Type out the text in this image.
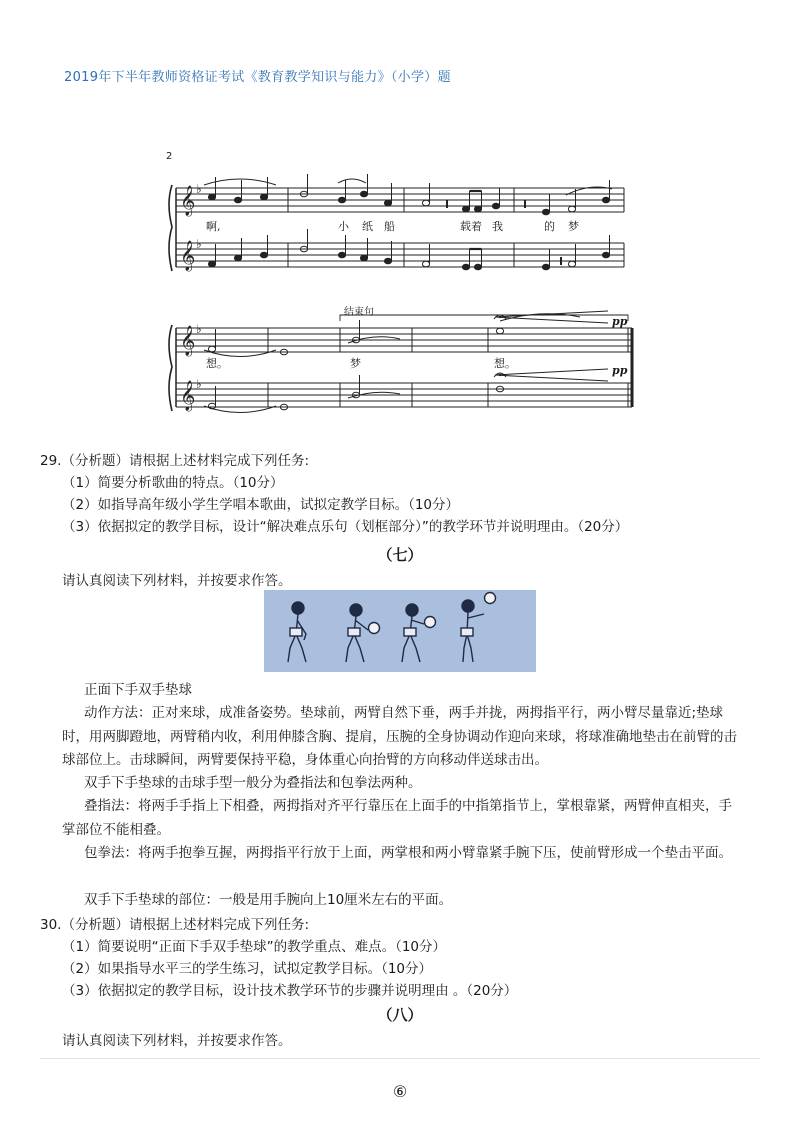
2019年下半年教师资格证考试《教育教学知识与能力》（小学）题
𝄞
𝄞
𝄞
𝄞
♭
♭
♭
♭
2
啊,	小 纸 船	载着 我	的 梦
想。	梦	想。
结束句
pp
pp
29.（分析题）请根据上述材料完成下列任务:
（1）简要分析歌曲的特点。（10分）
（2）如指导高年级小学生学唱本歌曲，试拟定教学目标。（10分）
（3）依据拟定的教学目标，设计“解决难点乐句（划框部分）”的教学环节并说明理由。（20分）
（七）
请认真阅读下列材料，并按要求作答。
正面下手双手垫球
动作方法：正对来球，成准备姿势。垫球前，两臂自然下垂，两手并拢，两拇指平行，两小臂尽量靠近;垫球时，用两脚蹬地，两臂稍内收，利用伸膝含胸、提肩，压腕的全身协调动作迎向来球，将球准确地垫击在前臂的击球部位上。击球瞬间，两臂要保持平稳，身体重心向抬臂的方向移动伴送球击出。
双手下手垫球的击球手型一般分为叠指法和包拳法两种。
叠指法：将两手手指上下相叠，两拇指对齐平行靠压在上面手的中指第指节上，掌根靠紧，两臂伸直相夹，手掌部位不能相叠。
包拳法：将两手抱拳互握，两拇指平行放于上面，两掌根和两小臂靠紧手腕下压，使前臂形成一个垫击平面。
双手下手垫球的部位：一般是用手腕向上10厘米左右的平面。
30.（分析题）请根据上述材料完成下列任务:
（1）简要说明“正面下手双手垫球”的教学重点、难点。（10分）
（2）如果指导水平三的学生练习，试拟定教学目标。（10分）
（3）依据拟定的教学目标，设计技术教学环节的步骤并说明理由 。（20分）
（八）
请认真阅读下列材料，并按要求作答。
⑥
